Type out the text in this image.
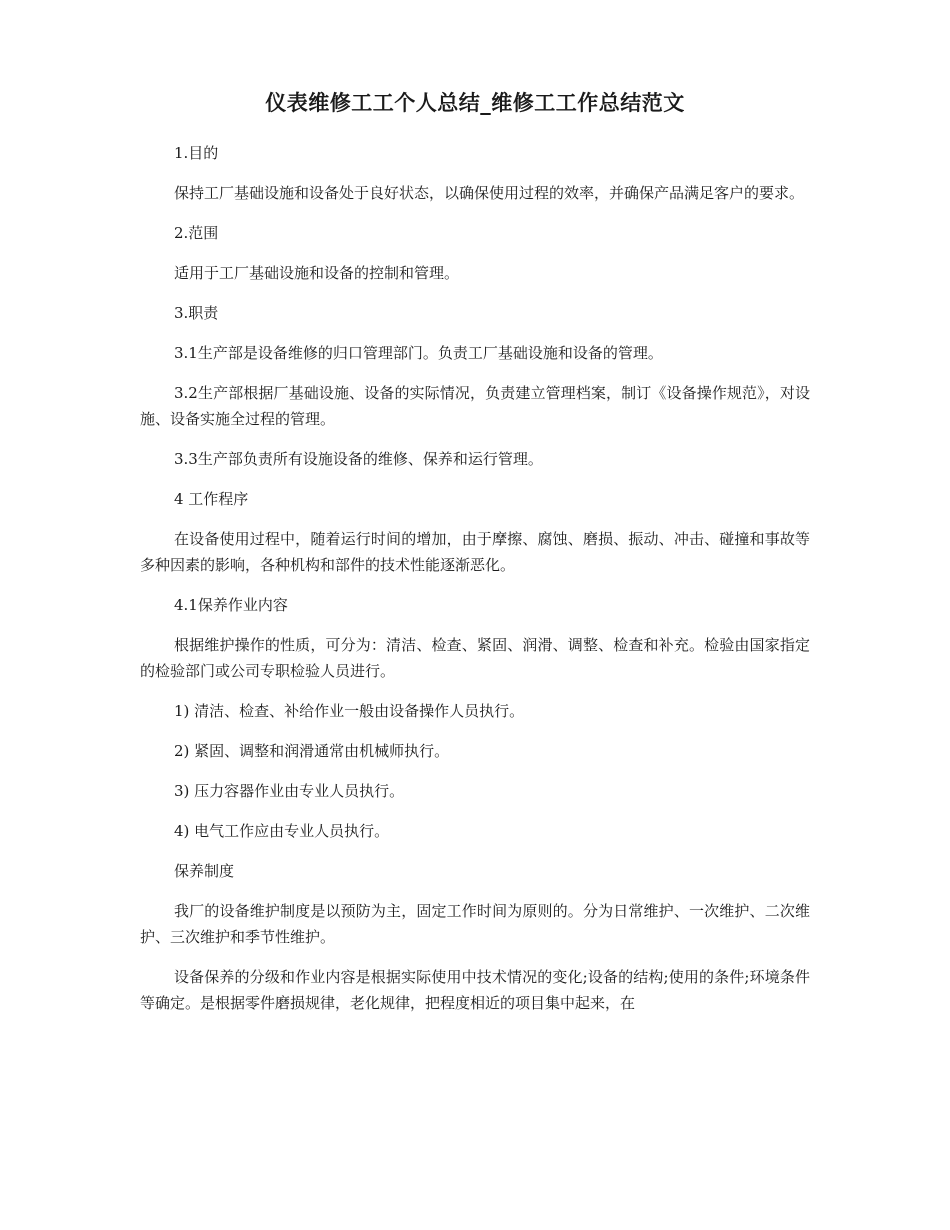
仪表维修工工个人总结_维修工工作总结范文

1.目的

保持工厂基础设施和设备处于良好状态，以确保使用过程的效率，并确保产品满足客户的要求。

2.范围

适用于工厂基础设施和设备的控制和管理。

3.职责

3.1生产部是设备维修的归口管理部门。负责工厂基础设施和设备的管理。

3.2生产部根据厂基础设施、设备的实际情况，负责建立管理档案，制订《设备操作规范》，对设施、设备实施全过程的管理。

3.3生产部负责所有设施设备的维修、保养和运行管理。

4 工作程序

在设备使用过程中，随着运行时间的增加，由于摩擦、腐蚀、磨损、振动、冲击、碰撞和事故等多种因素的影响，各种机构和部件的技术性能逐渐恶化。

4.1保养作业内容

根据维护操作的性质，可分为：清洁、检查、紧固、润滑、调整、检查和补充。检验由国家指定的检验部门或公司专职检验人员进行。

1) 清洁、检查、补给作业一般由设备操作人员执行。

2) 紧固、调整和润滑通常由机械师执行。

3) 压力容器作业由专业人员执行。

4) 电气工作应由专业人员执行。

保养制度

我厂的设备维护制度是以预防为主，固定工作时间为原则的。分为日常维护、一次维护、二次维护、三次维护和季节性维护。

设备保养的分级和作业内容是根据实际使用中技术情况的变化;设备的结构;使用的条件;环境条件等确定。是根据零件磨损规律，老化规律，把程度相近的项目集中起来，在
